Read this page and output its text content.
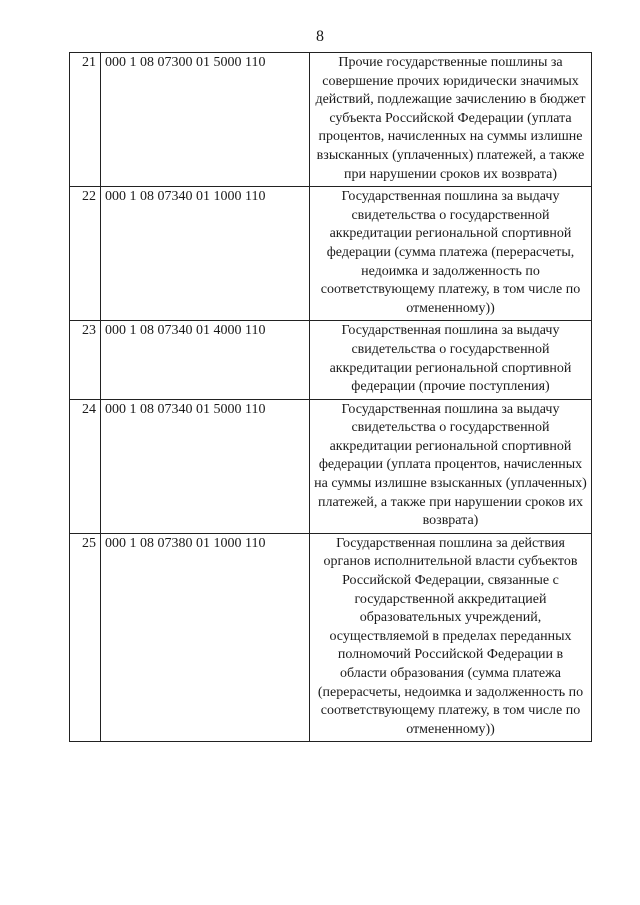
8
21	000 1 08 07300 01 5000 110	Прочие государственные пошлины за совершение прочих юридически значимых действий, подлежащие зачислению в бюджет субъекта Российской Федерации (уплата процентов, начисленных на суммы излишне взысканных (уплаченных) платежей, а также при нарушении сроков их возврата)
22	000 1 08 07340 01 1000 110	Государственная пошлина за выдачу свидетельства о государственной аккредитации региональной спортивной федерации (сумма платежа (перерасчеты, недоимка и задолженность по соответствующему платежу, в том числе по отмененному))
23	000 1 08 07340 01 4000 110	Государственная пошлина за выдачу свидетельства о государственной аккредитации региональной спортивной федерации (прочие поступления)
24	000 1 08 07340 01 5000 110	Государственная пошлина за выдачу свидетельства о государственной аккредитации региональной спортивной федерации (уплата процентов, начисленных на суммы излишне взысканных (уплаченных) платежей, а также при нарушении сроков их возврата)
25	000 1 08 07380 01 1000 110	Государственная пошлина за действия органов исполнительной власти субъектов Российской Федерации, связанные с государственной аккредитацией образовательных учреждений, осуществляемой в пределах переданных полномочий Российской Федерации в области образования (сумма платежа (перерасчеты, недоимка и задолженность по соответствующему платежу, в том числе по отмененному))
